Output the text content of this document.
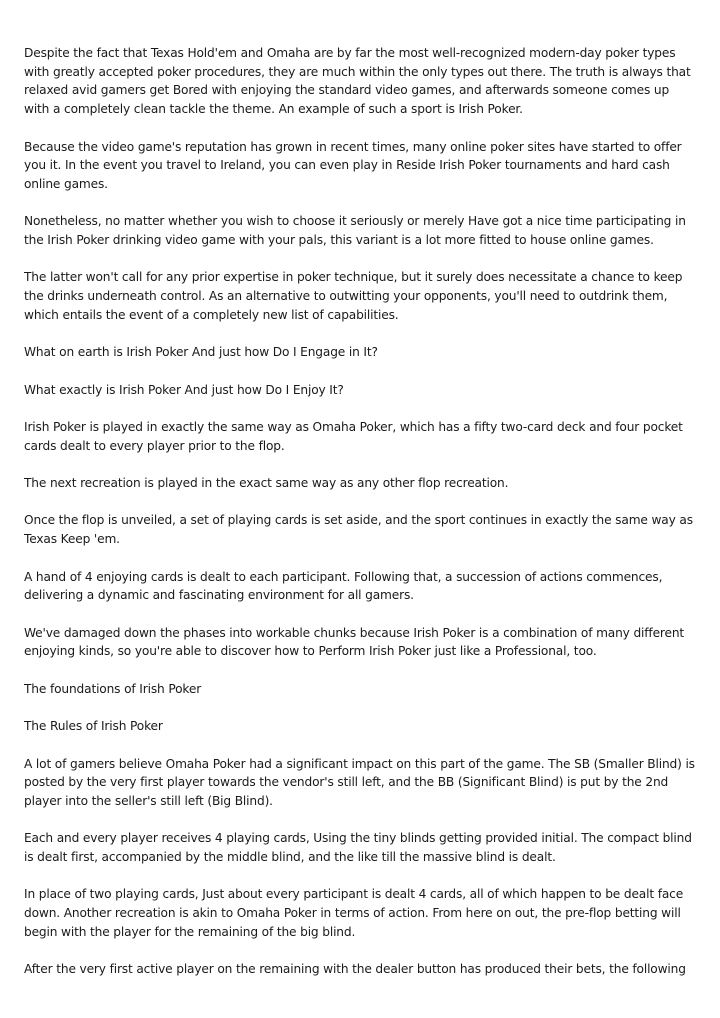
Despite the fact that Texas Hold'em and Omaha are by far the most well-recognized modern-day poker types with greatly accepted poker procedures, they are much within the only types out there. The truth is always that relaxed avid gamers get Bored with enjoying the standard video games, and afterwards someone comes up with a completely clean tackle the theme. An example of such a sport is Irish Poker.

Because the video game's reputation has grown in recent times, many online poker sites have started to offer you it. In the event you travel to Ireland, you can even play in Reside Irish Poker tournaments and hard cash online games.

Nonetheless, no matter whether you wish to choose it seriously or merely Have got a nice time participating in the Irish Poker drinking video game with your pals, this variant is a lot more fitted to house online games.

The latter won't call for any prior expertise in poker technique, but it surely does necessitate a chance to keep the drinks underneath control. As an alternative to outwitting your opponents, you'll need to outdrink them, which entails the event of a completely new list of capabilities.

What on earth is Irish Poker And just how Do I Engage in It?

What exactly is Irish Poker And just how Do I Enjoy It?

Irish Poker is played in exactly the same way as Omaha Poker, which has a fifty two-card deck and four pocket cards dealt to every player prior to the flop.

The next recreation is played in the exact same way as any other flop recreation.

Once the flop is unveiled, a set of playing cards is set aside, and the sport continues in exactly the same way as Texas Keep 'em.

A hand of 4 enjoying cards is dealt to each participant. Following that, a succession of actions commences, delivering a dynamic and fascinating environment for all gamers.

We've damaged down the phases into workable chunks because Irish Poker is a combination of many different enjoying kinds, so you're able to discover how to Perform Irish Poker just like a Professional, too.

The foundations of Irish Poker

The Rules of Irish Poker

A lot of gamers believe Omaha Poker had a significant impact on this part of the game. The SB (Smaller Blind) is posted by the very first player towards the vendor's still left, and the BB (Significant Blind) is put by the 2nd player into the seller's still left (Big Blind).

Each and every player receives 4 playing cards, Using the tiny blinds getting provided initial. The compact blind is dealt first, accompanied by the middle blind, and the like till the massive blind is dealt.

In place of two playing cards, Just about every participant is dealt 4 cards, all of which happen to be dealt face down. Another recreation is akin to Omaha Poker in terms of action. From here on out, the pre-flop betting will begin with the player for the remaining of the big blind.

After the very first active player on the remaining with the dealer button has produced their bets, the following
